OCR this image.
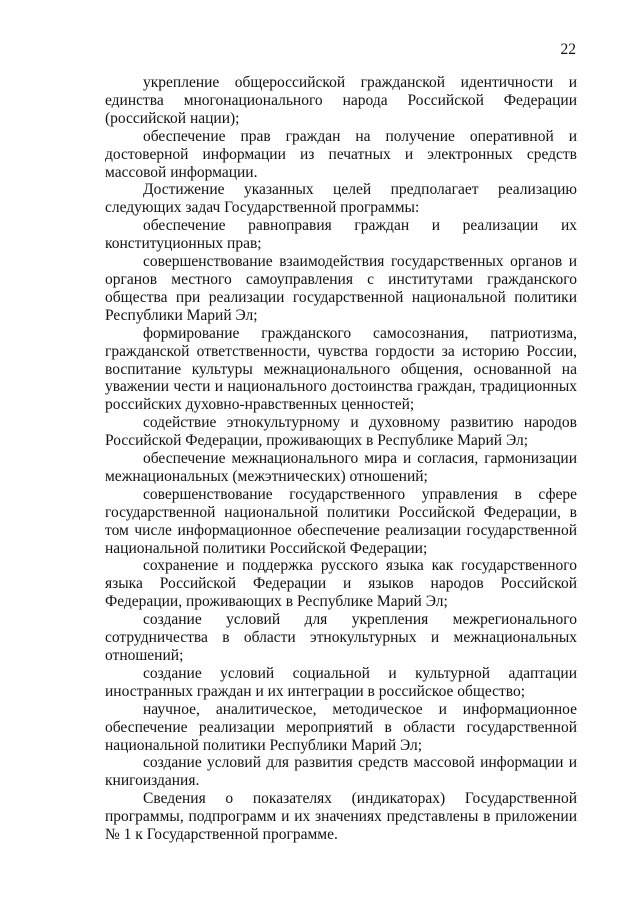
22

укрепление общероссийской гражданской идентичности и единства многонационального народа Российской Федерации (российской нации);

обеспечение прав граждан на получение оперативной и достоверной информации из печатных и электронных средств массовой информации.

Достижение указанных целей предполагает реализацию следующих задач Государственной программы:

обеспечение равноправия граждан и реализации их конституционных прав;

совершенствование взаимодействия государственных органов и органов местного самоуправления с институтами гражданского общества при реализации государственной национальной политики Республики Марий Эл;

формирование гражданского самосознания, патриотизма, гражданской ответственности, чувства гордости за историю России, воспитание культуры межнационального общения, основанной на уважении чести и национального достоинства граждан, традиционных российских духовно-нравственных ценностей;

содействие этнокультурному и духовному развитию народов Российской Федерации, проживающих в Республике Марий Эл;

обеспечение межнационального мира и согласия, гармонизации межнациональных (межэтнических) отношений;

совершенствование государственного управления в сфере государственной национальной политики Российской Федерации, в том числе информационное обеспечение реализации государственной национальной политики Российской Федерации;

сохранение и поддержка русского языка как государственного языка Российской Федерации и языков народов Российской Федерации, проживающих в Республике Марий Эл;

создание условий для укрепления межрегионального сотрудничества в области этнокультурных и межнациональных отношений;

создание условий социальной и культурной адаптации иностранных граждан и их интеграции в российское общество;

научное, аналитическое, методическое и информационное обеспечение реализации мероприятий в области государственной национальной политики Республики Марий Эл;

создание условий для развития средств массовой информации и книгоиздания.

Сведения о показателях (индикаторах) Государственной программы, подпрограмм и их значениях представлены в приложении № 1 к Государственной программе.
